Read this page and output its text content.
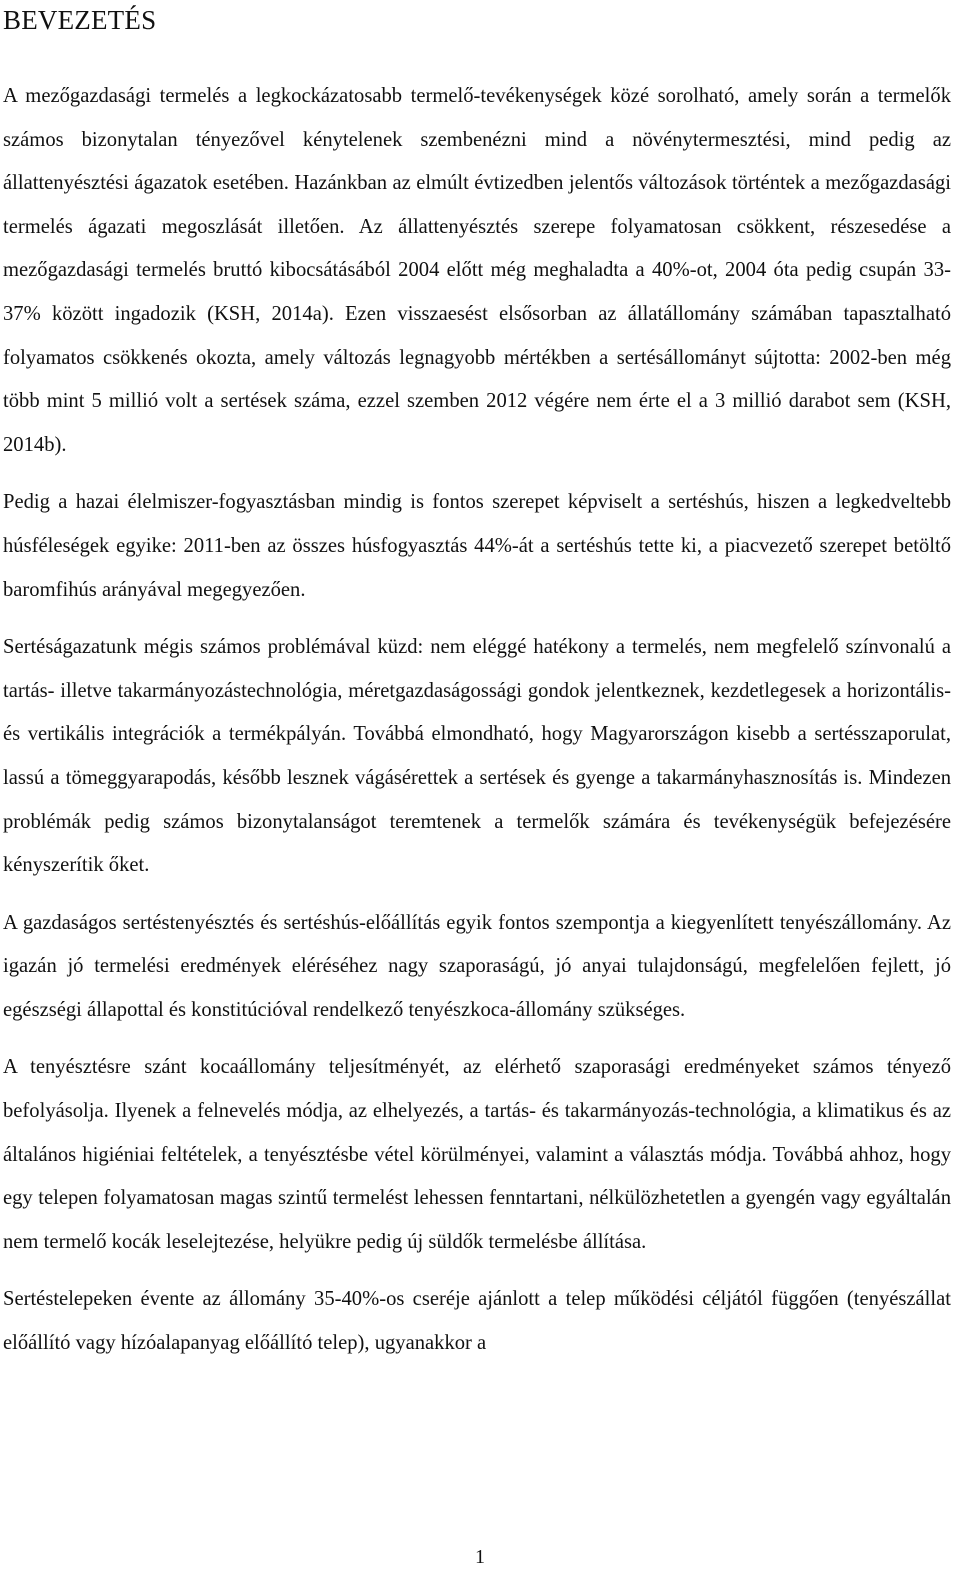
BEVEZETÉS

A mezőgazdasági termelés a legkockázatosabb termelő-tevékenységek közé sorolható, amely során a termelők számos bizonytalan tényezővel kénytelenek szembenézni mind a növénytermesztési, mind pedig az állattenyésztési ágazatok esetében. Hazánkban az elmúlt évtizedben jelentős változások történtek a mezőgazdasági termelés ágazati megoszlását illetően. Az állattenyésztés szerepe folyamatosan csökkent, részesedése a mezőgazdasági termelés bruttó kibocsátásából 2004 előtt még meghaladta a 40%-ot, 2004 óta pedig csupán 33-37% között ingadozik (KSH, 2014a). Ezen visszaesést elsősorban az állatállomány számában tapasztalható folyamatos csökkenés okozta, amely változás legnagyobb mértékben a sertésállományt sújtotta: 2002-ben még több mint 5 millió volt a sertések száma, ezzel szemben 2012 végére nem érte el a 3 millió darabot sem (KSH, 2014b).

Pedig a hazai élelmiszer-fogyasztásban mindig is fontos szerepet képviselt a sertéshús, hiszen a legkedveltebb húsféleségek egyike: 2011-ben az összes húsfogyasztás 44%-át a sertéshús tette ki, a piacvezető szerepet betöltő baromfihús arányával megegyezően.

Sertéságazatunk mégis számos problémával küzd: nem eléggé hatékony a termelés, nem megfelelő színvonalú a tartás- illetve takarmányozástechnológia, méretgazdaságossági gondok jelentkeznek, kezdetlegesek a horizontális- és vertikális integrációk a termékpályán. Továbbá elmondható, hogy Magyarországon kisebb a sertésszaporulat, lassú a tömeggyarapodás, később lesznek vágásérettek a sertések és gyenge a takarmányhasznosítás is. Mindezen problémák pedig számos bizonytalanságot teremtenek a termelők számára és tevékenységük befejezésére kényszerítik őket.

A gazdaságos sertéstenyésztés és sertéshús-előállítás egyik fontos szempontja a kiegyenlített tenyészállomány. Az igazán jó termelési eredmények eléréséhez nagy szaporaságú, jó anyai tulajdonságú, megfelelően fejlett, jó egészségi állapottal és konstitúcióval rendelkező tenyészkoca-állomány szükséges.

A tenyésztésre szánt kocaállomány teljesítményét, az elérhető szaporasági eredményeket számos tényező befolyásolja. Ilyenek a felnevelés módja, az elhelyezés, a tartás- és takarmányozás-technológia, a klimatikus és az általános higiéniai feltételek, a tenyésztésbe vétel körülményei, valamint a választás módja. Továbbá ahhoz, hogy egy telepen folyamatosan magas szintű termelést lehessen fenntartani, nélkülözhetetlen a gyengén vagy egyáltalán nem termelő kocák leselejtezése, helyükre pedig új süldők termelésbe állítása.

Sertéstelepeken évente az állomány 35-40%-os cseréje ajánlott a telep működési céljától függően (tenyészállat előállító vagy hízóalapanyag előállító telep), ugyanakkor a

1
